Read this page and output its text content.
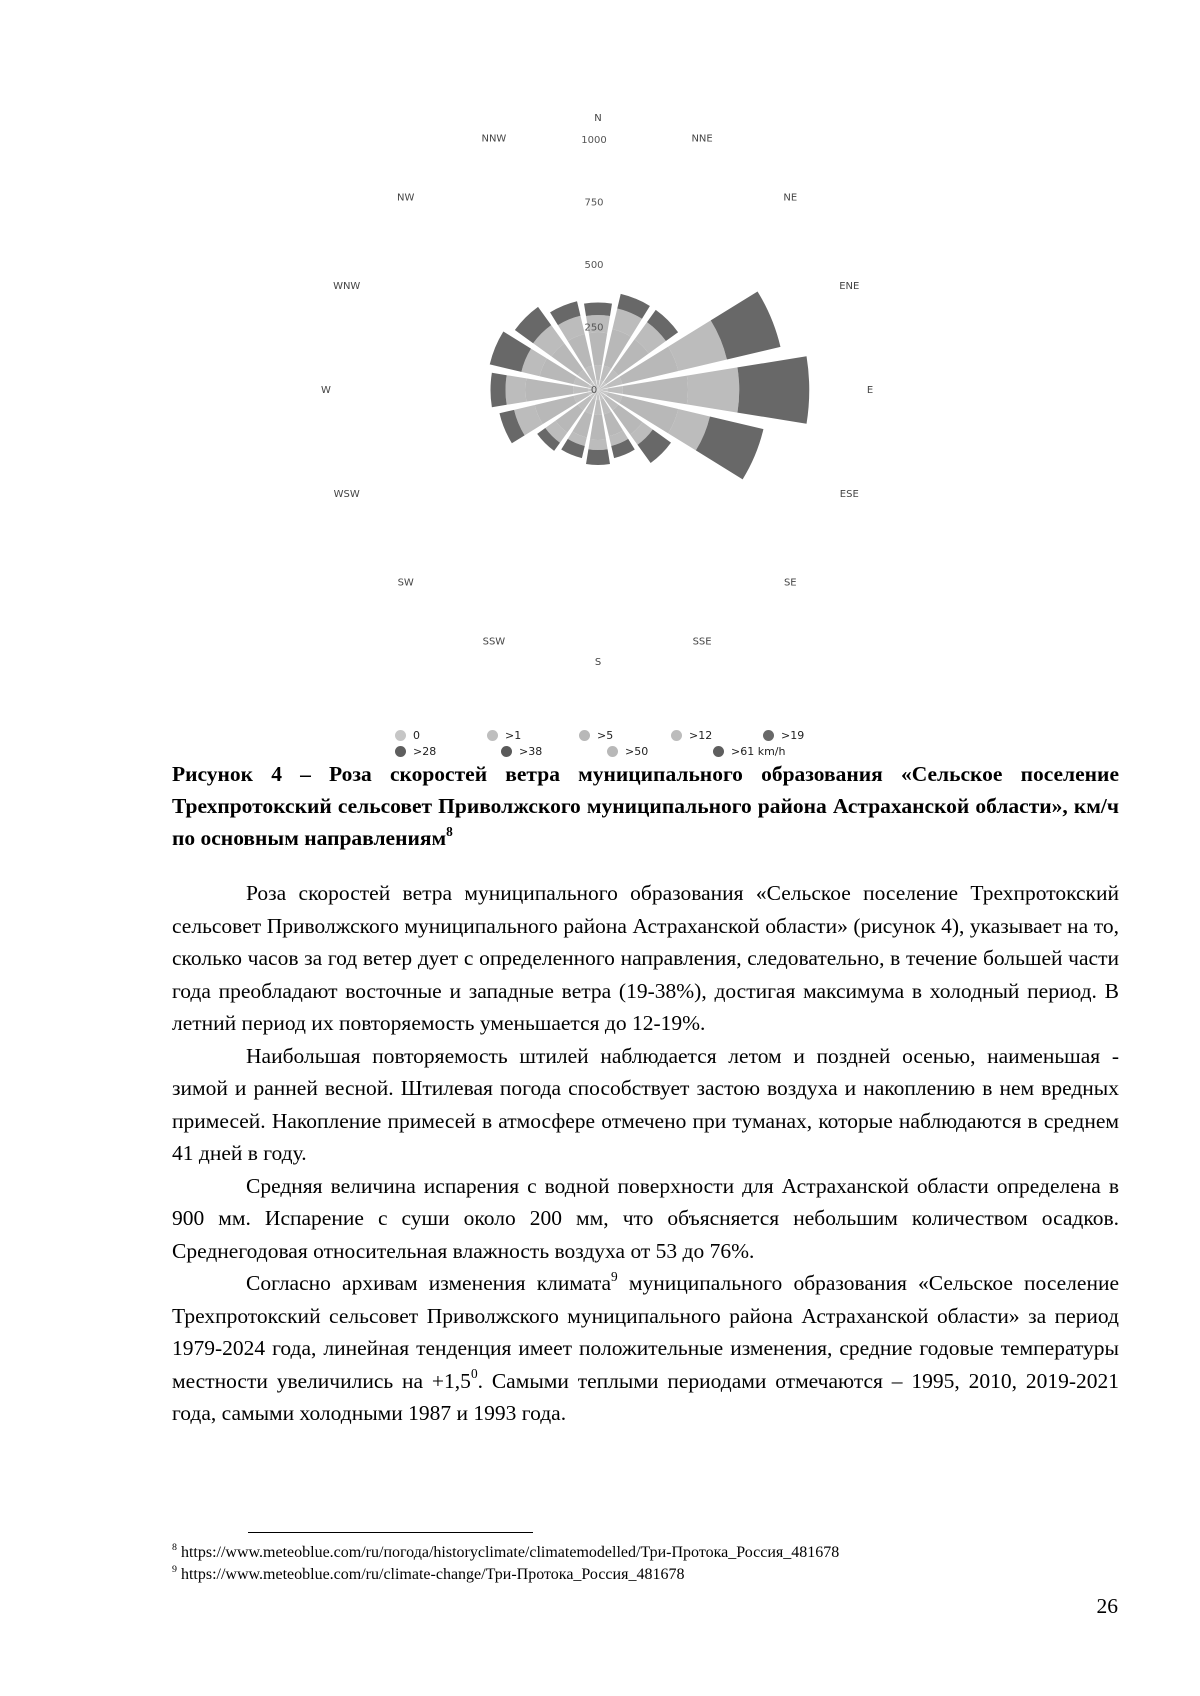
0
250
500
750
1000
N
NNE
NE
ENE
E
ESE
SE
SSE
S
SSW
SW
WSW
W
WNW
NW
NNW
0	>1	>5	>12	>19
>28	>38	>50	>61 km/h
Рисунок 4 – Роза скоростей ветра муниципального образования «Сельское поселение Трехпротокский сельсовет Приволжского муниципального района Астраханской области», км/ч по основным направлениям$^8$

Роза скоростей ветра муниципального образования «Сельское поселение Трехпротокский сельсовет Приволжского муниципального района Астраханской области» (рисунок 4), указывает на то, сколько часов за год ветер дует с определенного направления, следовательно, в течение большей части года преобладают восточные и западные ветра (19-38%), достигая максимума в холодный период. В летний период их повторяемость уменьшается до 12-19%.

Наибольшая повторяемость штилей наблюдается летом и поздней осенью, наименьшая - зимой и ранней весной. Штилевая погода способствует застою воздуха и накоплению в нем вредных примесей. Накопление примесей в атмосфере отмечено при туманах, которые наблюдаются в среднем 41 дней в году.

Средняя величина испарения с водной поверхности для Астраханской области определена в 900 мм. Испарение с суши около 200 мм, что объясняется небольшим количеством осадков. Среднегодовая относительная влажность воздуха от 53 до 76%.

Согласно архивам изменения климата$^9$ муниципального образования «Сельское поселение Трехпротокский сельсовет Приволжского муниципального района Астраханской области» за период 1979-2024 года, линейная тенденция имеет положительные изменения, средние годовые температуры местности увеличились на $+1,5^0$. Самыми теплыми периодами отмечаются – 1995, 2010, 2019-2021 года, самыми холодными 1987 и 1993 года.

$^8$ https://www.meteoblue.com/ru/погода/historyclimate/climatemodelled/Три-Протока_Россия_481678
$^9$ https://www.meteoblue.com/ru/climate-change/Три-Протока_Россия_481678
26
